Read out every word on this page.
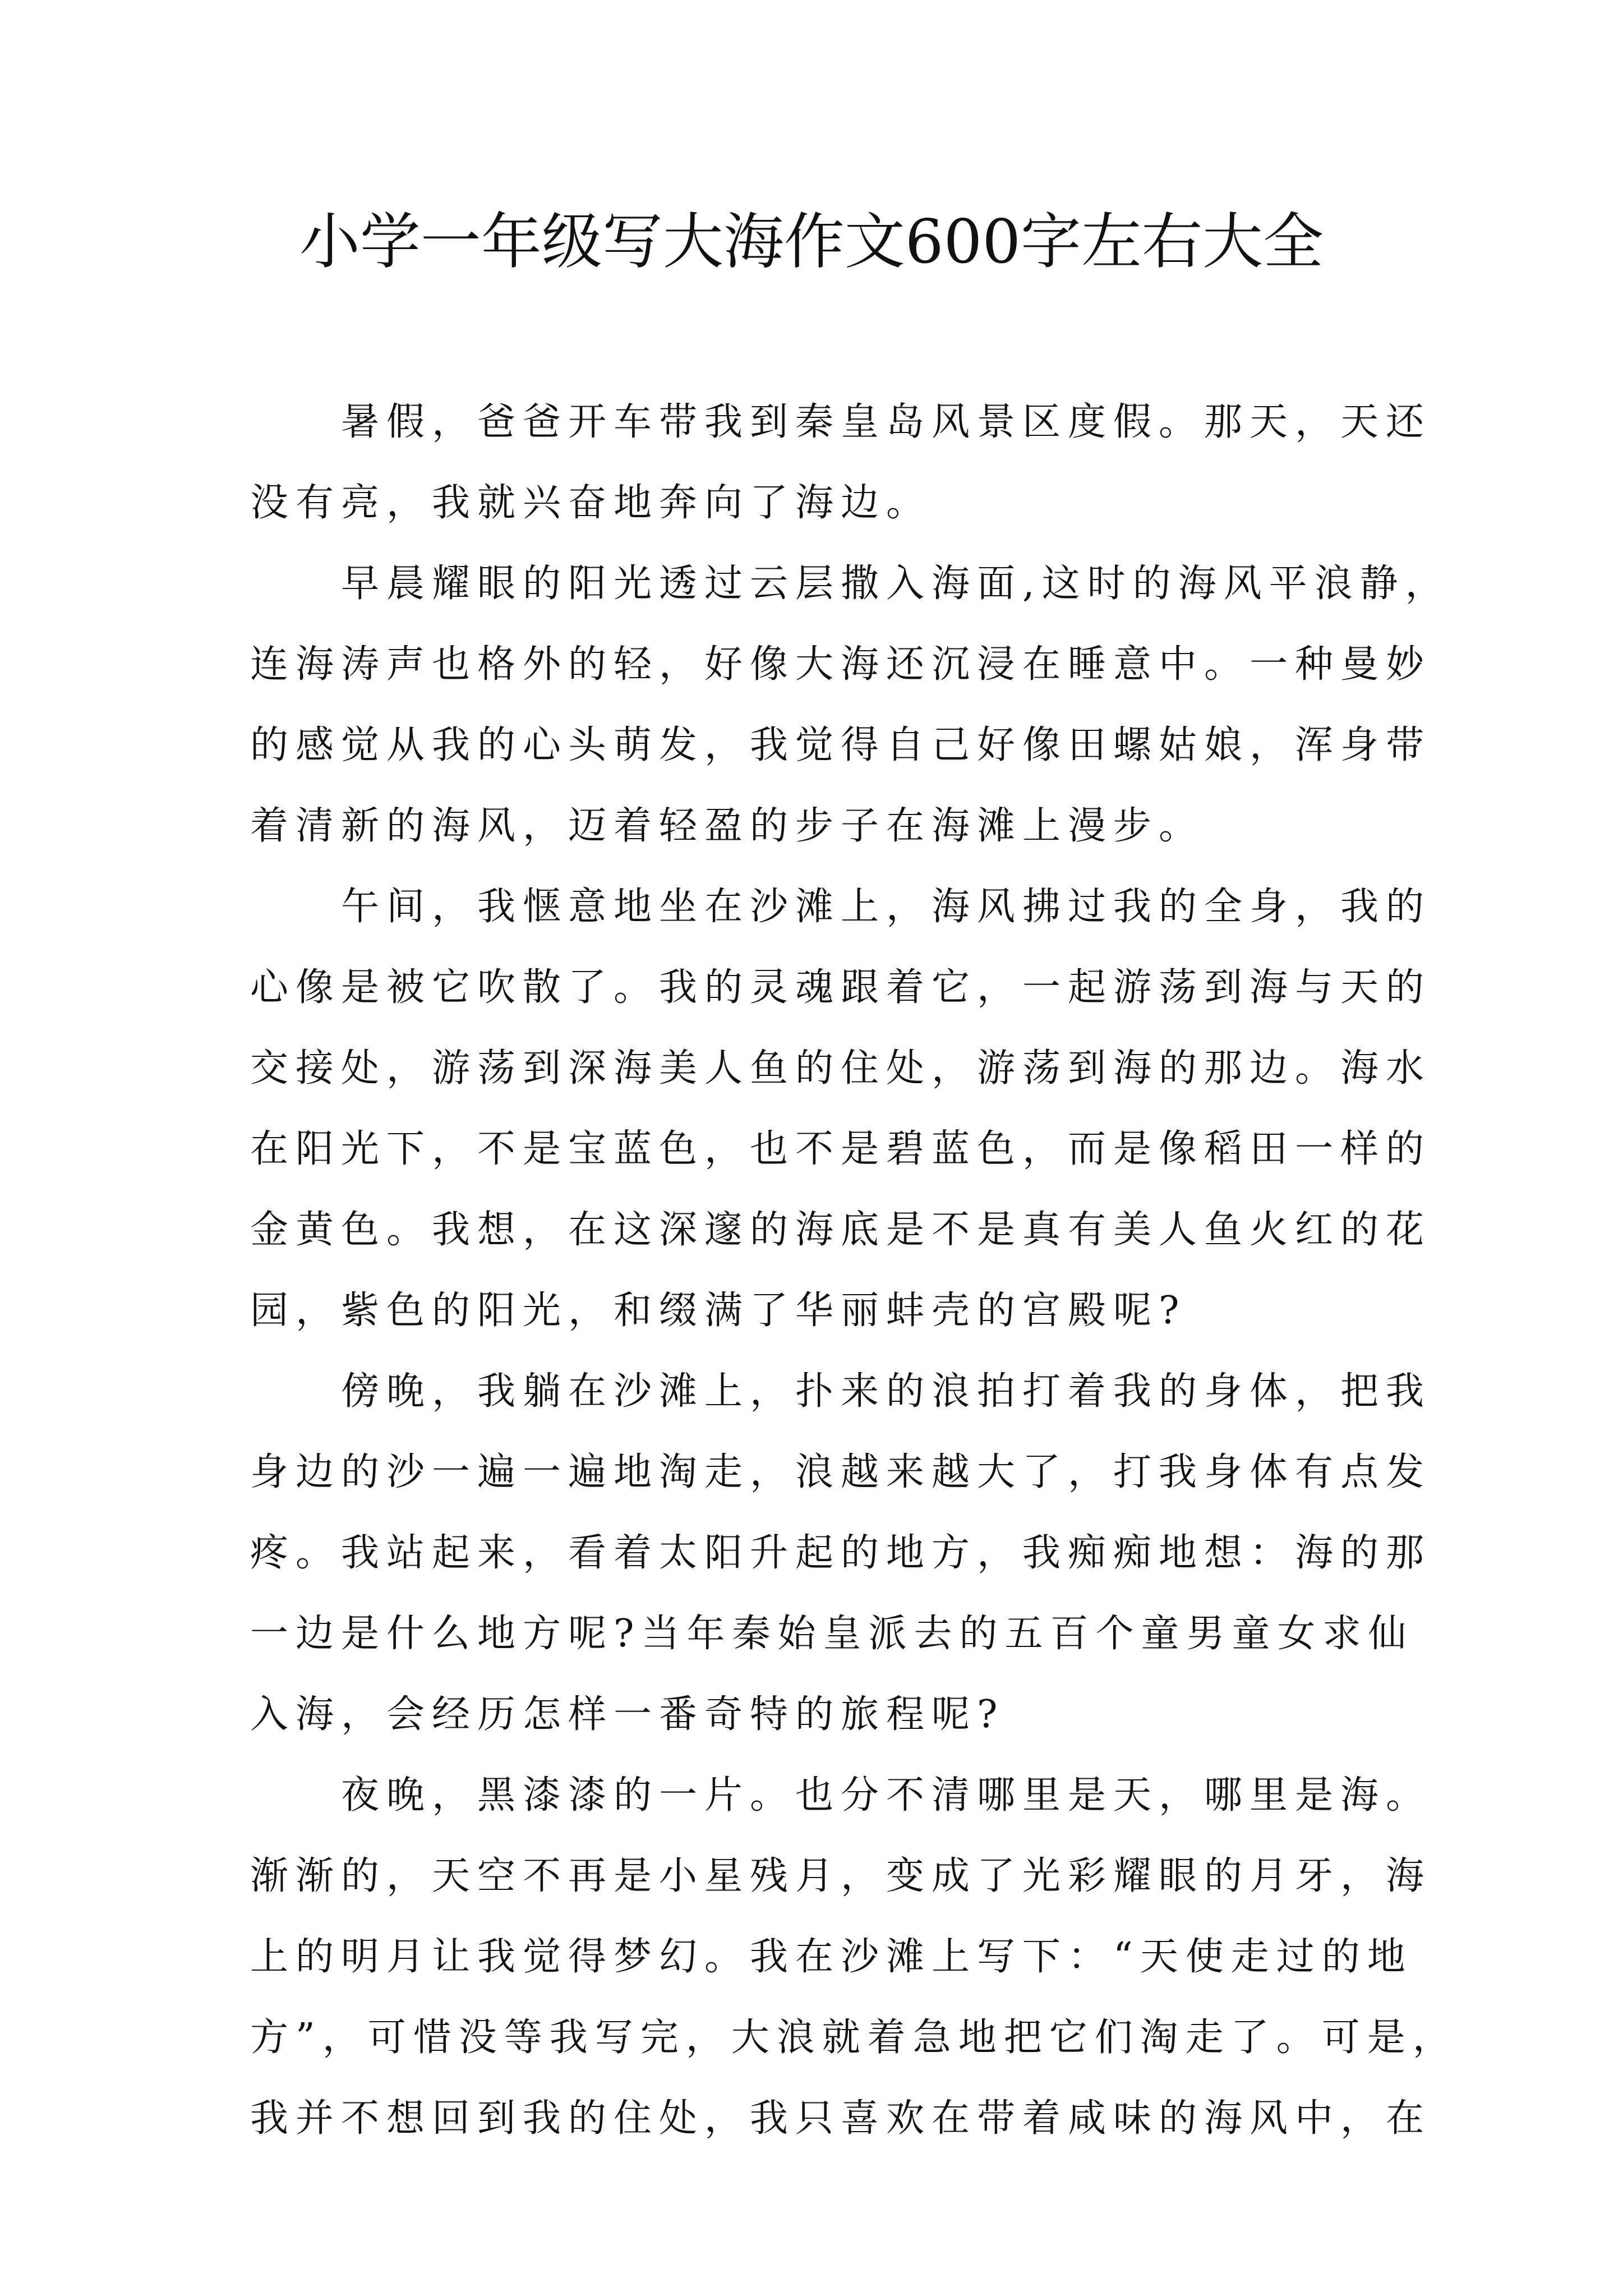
小学一年级写大海作文600字左右大全
暑假，爸爸开车带我到秦皇岛风景区度假。那天，天还
没有亮，我就兴奋地奔向了海边。
早晨耀眼的阳光透过云层撒入海面,这时的海风平浪静，
连海涛声也格外的轻，好像大海还沉浸在睡意中。一种曼妙
的感觉从我的心头萌发，我觉得自己好像田螺姑娘，浑身带
着清新的海风，迈着轻盈的步子在海滩上漫步。
午间，我惬意地坐在沙滩上，海风拂过我的全身，我的
心像是被它吹散了。我的灵魂跟着它，一起游荡到海与天的
交接处，游荡到深海美人鱼的住处，游荡到海的那边。海水
在阳光下，不是宝蓝色，也不是碧蓝色，而是像稻田一样的
金黄色。我想，在这深邃的海底是不是真有美人鱼火红的花
园，紫色的阳光，和缀满了华丽蚌壳的宫殿呢?
傍晚，我躺在沙滩上，扑来的浪拍打着我的身体，把我
身边的沙一遍一遍地淘走，浪越来越大了，打我身体有点发
疼。我站起来，看着太阳升起的地方，我痴痴地想：海的那
一边是什么地方呢?当年秦始皇派去的五百个童男童女求仙
入海，会经历怎样一番奇特的旅程呢?
夜晚，黑漆漆的一片。也分不清哪里是天，哪里是海。
渐渐的，天空不再是小星残月，变成了光彩耀眼的月牙，海
上的明月让我觉得梦幻。我在沙滩上写下：“天使走过的地
方”，可惜没等我写完，大浪就着急地把它们淘走了。可是，
我并不想回到我的住处，我只喜欢在带着咸味的海风中，在
